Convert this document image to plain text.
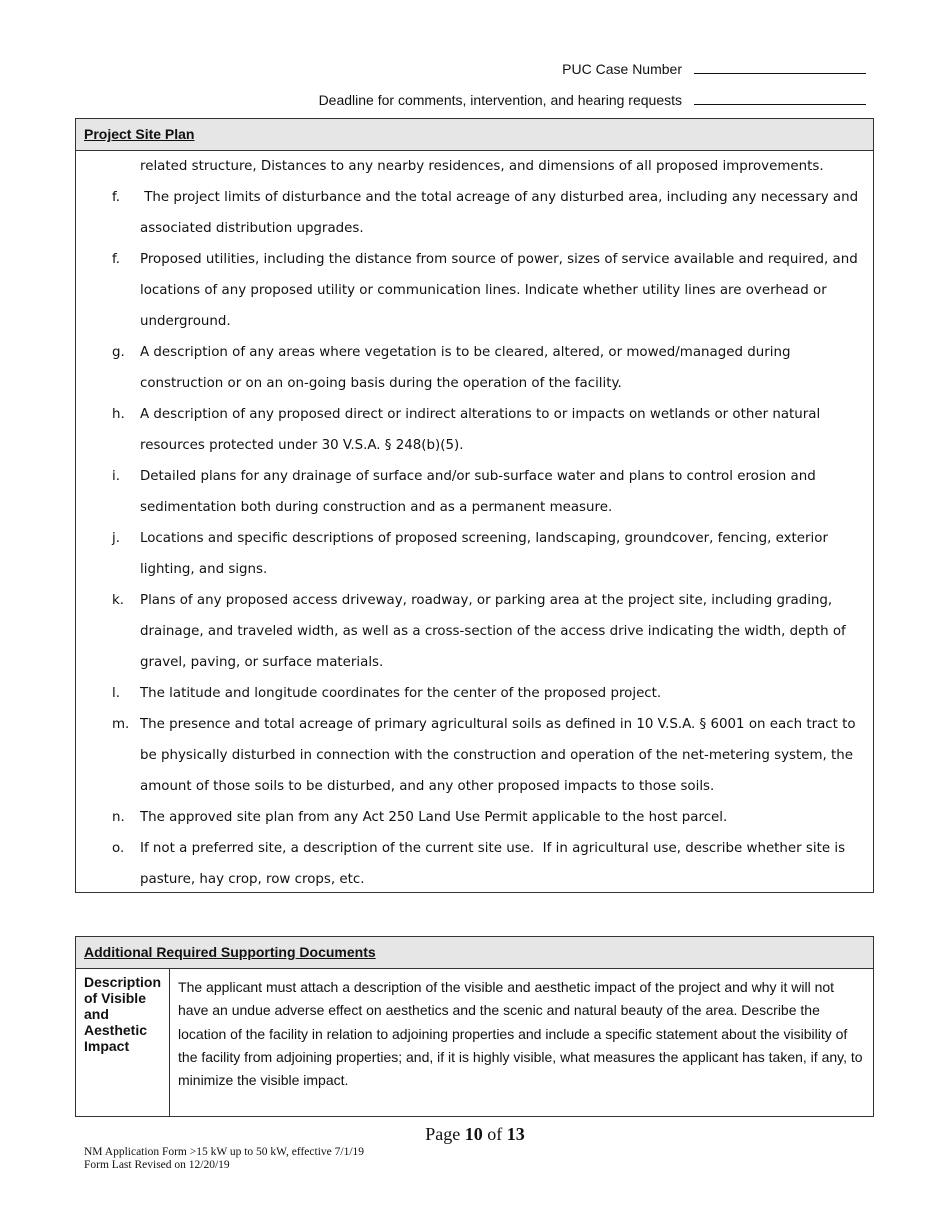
PUC Case Number
Deadline for comments, intervention, and hearing requests
Project Site Plan
related structure, Distances to any nearby residences, and dimensions of all proposed improvements.
f.	The project limits of disturbance and the total acreage of any disturbed area, including any necessary and
associated distribution upgrades.
f.	Proposed utilities, including the distance from source of power, sizes of service available and required, and
locations of any proposed utility or communication lines. Indicate whether utility lines are overhead or
underground.
g.	A description of any areas where vegetation is to be cleared, altered, or mowed/managed during
construction or on an on-going basis during the operation of the facility.
h.	A description of any proposed direct or indirect alterations to or impacts on wetlands or other natural
resources protected under 30 V.S.A. § 248(b)(5).
i.	Detailed plans for any drainage of surface and/or sub-surface water and plans to control erosion and
sedimentation both during construction and as a permanent measure.
j.	Locations and specific descriptions of proposed screening, landscaping, groundcover, fencing, exterior
lighting, and signs.
k.	Plans of any proposed access driveway, roadway, or parking area at the project site, including grading,
drainage, and traveled width, as well as a cross-section of the access drive indicating the width, depth of
gravel, paving, or surface materials.
l.	The latitude and longitude coordinates for the center of the proposed project.
m. The presence and total acreage of primary agricultural soils as defined in 10 V.S.A. § 6001 on each tract to
be physically disturbed in connection with the construction and operation of the net-metering system, the
amount of those soils to be disturbed, and any other proposed impacts to those soils.
n.	The approved site plan from any Act 250 Land Use Permit applicable to the host parcel.
o.	If not a preferred site, a description of the current site use.  If in agricultural use, describe whether site is
pasture, hay crop, row crops, etc.
Additional Required Supporting Documents
Description of Visible and Aesthetic Impact
The applicant must attach a description of the visible and aesthetic impact of the project and why it will not have an undue adverse effect on aesthetics and the scenic and natural beauty of the area. Describe the location of the facility in relation to adjoining properties and include a specific statement about the visibility of the facility from adjoining properties; and, if it is highly visible, what measures the applicant has taken, if any, to minimize the visible impact.
Page 10 of 13
NM Application Form >15 kW up to 50 kW, effective 7/1/19
Form Last Revised on 12/20/19
